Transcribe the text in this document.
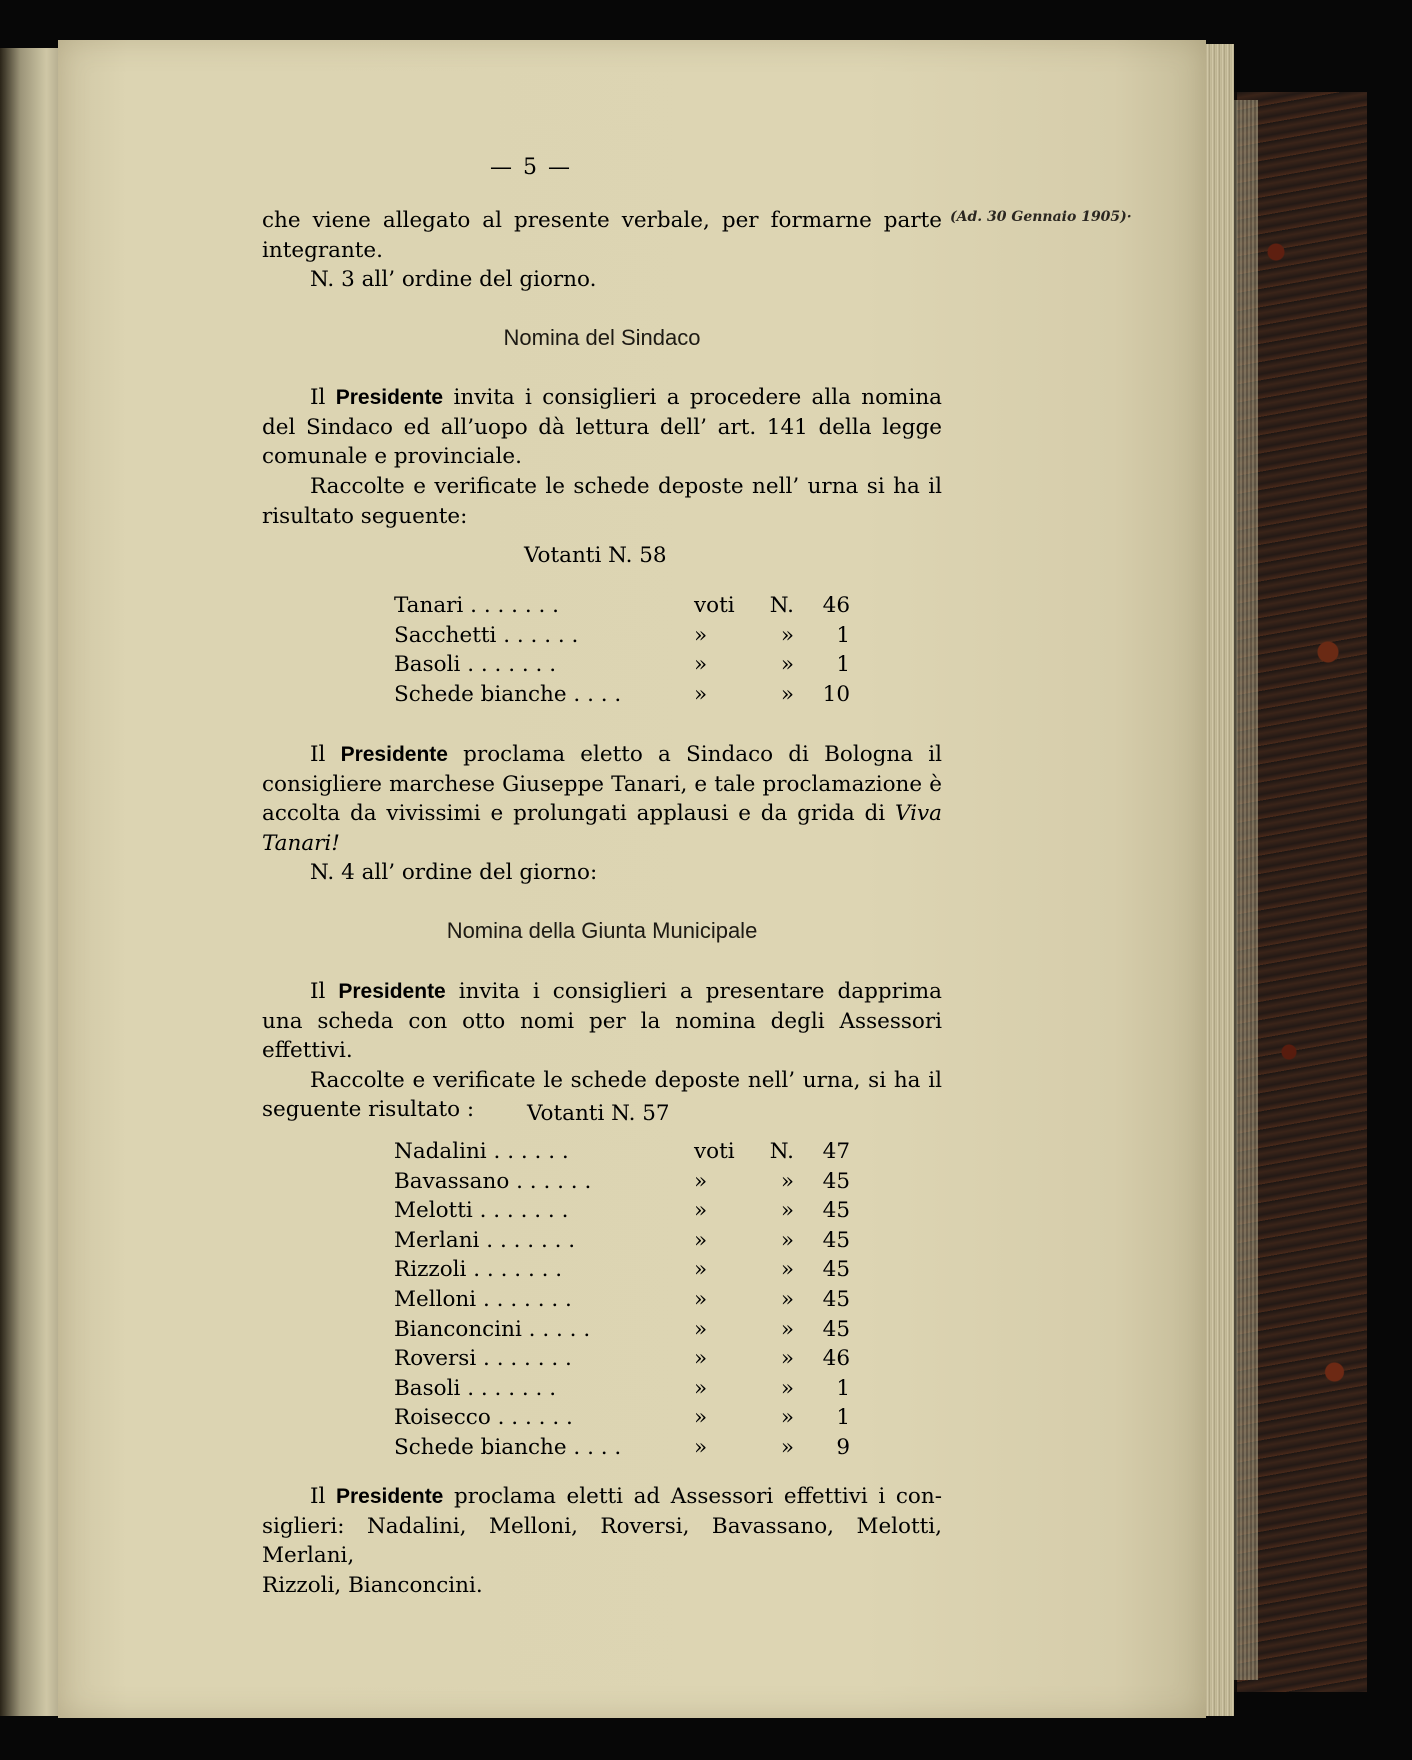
— 5 —
(Ad. 30 Gennaio 1905)·
che viene allegato al presente verbale, per formarne parte
integrante.
N. 3 all’ ordine del giorno.
Nomina del Sindaco
Il Presidente invita i consiglieri a procedere alla nomina
del Sindaco ed all’uopo dà lettura dell’ art. 141 della legge
comunale e provinciale.
Raccolte e verificate le schede deposte nell’ urna si ha il
risultato seguente:
Votanti N. 58
Tanari . . . . . . .	voti	N.	46
Sacchetti . . . . . .	»	»	1
Basoli . . . . . . .	»	»	1
Schede bianche . . . .	»	»	10
Il Presidente proclama eletto a Sindaco di Bologna il
consigliere marchese Giuseppe Tanari, e tale proclamazione è
accolta da vivissimi e prolungati applausi e da grida di Viva
Tanari!
N. 4 all’ ordine del giorno:
Nomina della Giunta Municipale
Il Presidente invita i consiglieri a presentare dapprima
una scheda con otto nomi per la nomina degli Assessori effettivi.
Raccolte e verificate le schede deposte nell’ urna, si ha il
seguente risultato :	Votanti N. 57
Nadalini . . . . . .	voti	N.	47
Bavassano . . . . . .	»	»	45
Melotti . . . . . . .	»	»	45
Merlani . . . . . . .	»	»	45
Rizzoli . . . . . . .	»	»	45
Melloni . . . . . . .	»	»	45
Bianconcini . . . . .	»	»	45
Roversi . . . . . . .	»	»	46
Basoli . . . . . . .	»	»	1
Roisecco . . . . . .	»	»	1
Schede bianche . . . .	»	»	9
Il Presidente proclama eletti ad Assessori effettivi i con-
siglieri: Nadalini, Melloni, Roversi, Bavassano, Melotti, Merlani,
Rizzoli, Bianconcini.
